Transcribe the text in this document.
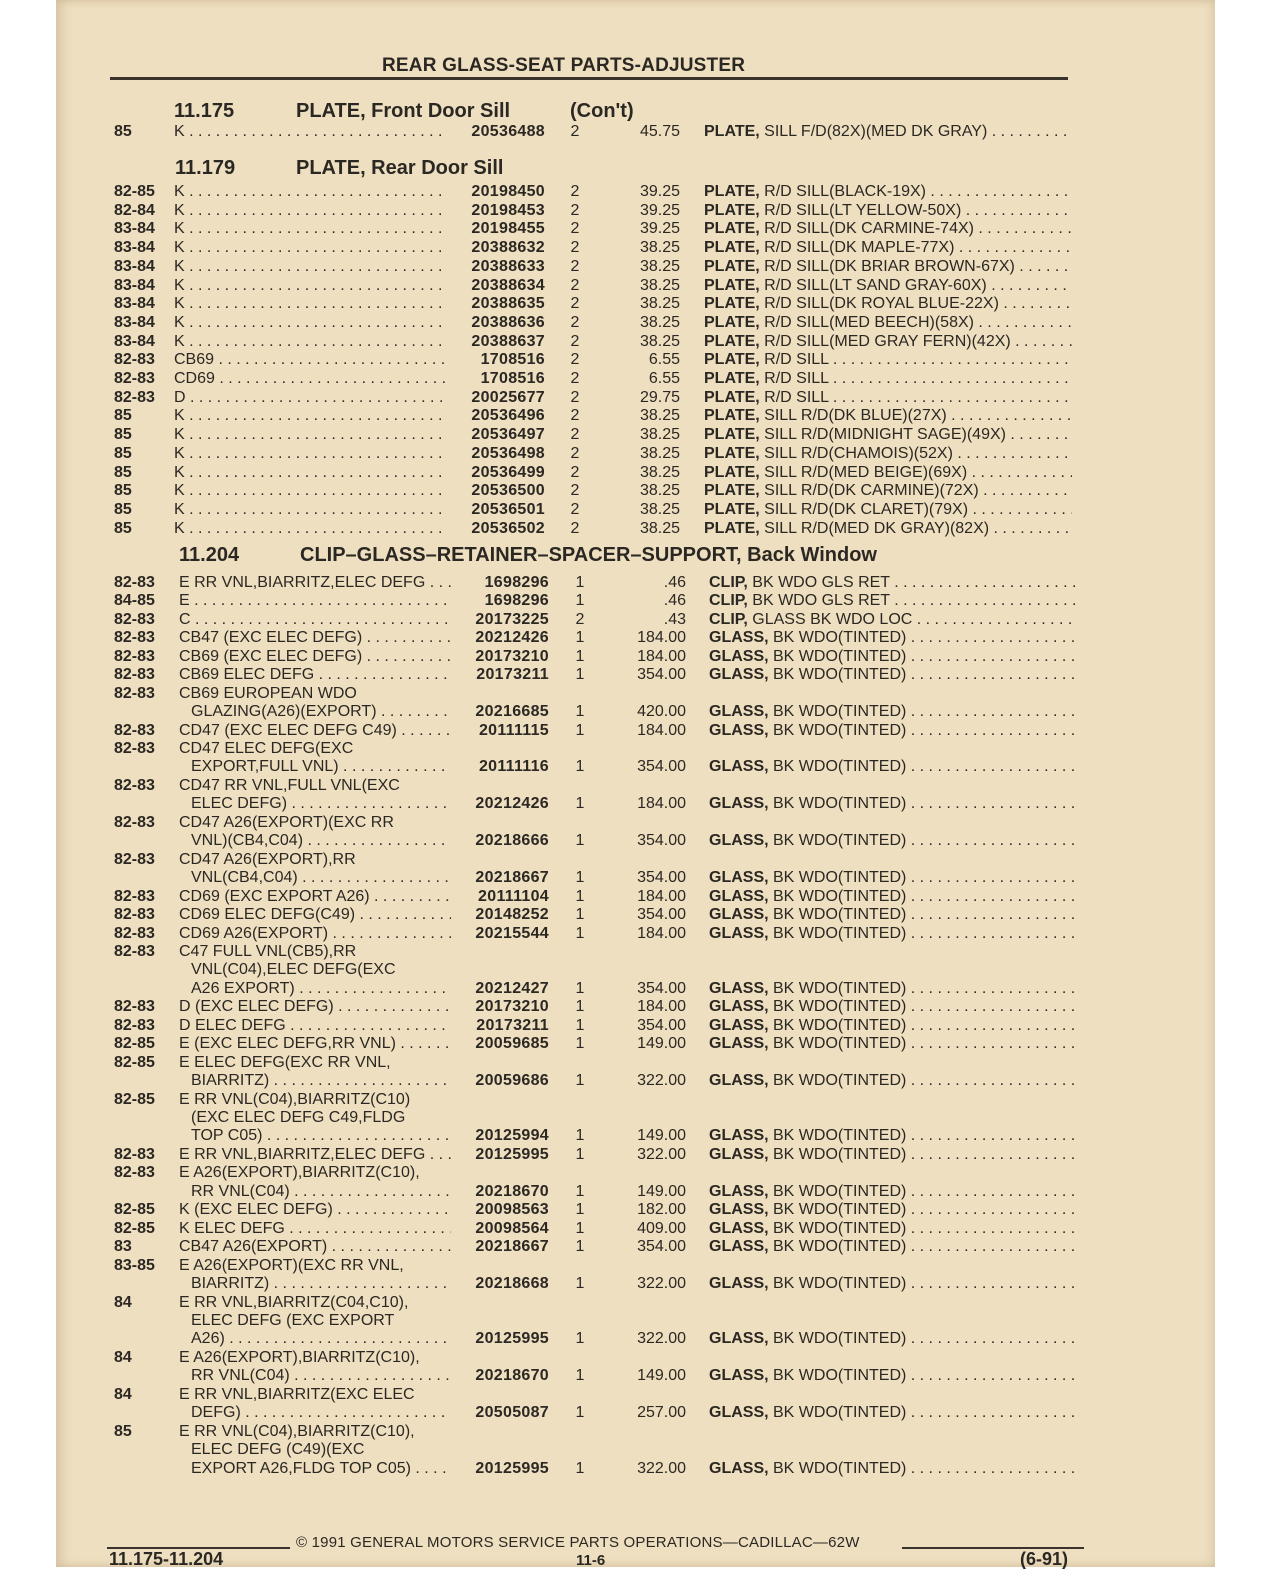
REAR GLASS-SEAT PARTS-ADJUSTER
11.175	PLATE, Front Door Sill	(Con't)
85	K . . .	20536488	2	45.75 PLATE, SILL F/D(82X)(MED DK GRAY) . . .
11.179	PLATE, Rear Door Sill
82-85 K . . .	20198450	2	39.25 PLATE, R/D SILL(BLACK-19X) . . .
82-84 K . . .	20198453	2	39.25 PLATE, R/D SILL(LT YELLOW-50X) . . .
83-84 K . . .	20198455	2	39.25 PLATE, R/D SILL(DK CARMINE-74X) . . .
83-84 K . . .	20388632	2	38.25 PLATE, R/D SILL(DK MAPLE-77X) . . .
83-84 K . . .	20388633	2	38.25 PLATE, R/D SILL(DK BRIAR BROWN-67X) . . .
83-84 K . . .	20388634	2	38.25 PLATE, R/D SILL(LT SAND GRAY-60X) . . .
83-84 K . . .	20388635	2	38.25 PLATE, R/D SILL(DK ROYAL BLUE-22X) . . .
83-84 K . . .	20388636	2	38.25 PLATE, R/D SILL(MED BEECH)(58X) . . .
83-84 K . . .	20388637	2	38.25 PLATE, R/D SILL(MED GRAY FERN)(42X) . . .
82-83 CB69 . . .	1708516	2	6.55 PLATE, R/D SILL . . .
82-83 CD69 . . .	1708516	2	6.55 PLATE, R/D SILL . . .
82-83 D . . .	20025677	2	29.75 PLATE, R/D SILL . . .
85	K . . .	20536496	2	38.25 PLATE, SILL R/D(DK BLUE)(27X) . . .
85	K . . .	20536497	2	38.25 PLATE, SILL R/D(MIDNIGHT SAGE)(49X) . . .
85	K . . .	20536498	2	38.25 PLATE, SILL R/D(CHAMOIS)(52X) . . .
85	K . . .	20536499	2	38.25 PLATE, SILL R/D(MED BEIGE)(69X) . . .
85	K . . .	20536500	2	38.25 PLATE, SILL R/D(DK CARMINE)(72X) . . .
85	K . . .	20536501	2	38.25 PLATE, SILL R/D(DK CLARET)(79X) . . .
85	K . . .	20536502	2	38.25 PLATE, SILL R/D(MED DK GRAY)(82X) . . .
11.204	CLIP–GLASS–RETAINER–SPACER–SUPPORT, Back Window
82-83 E RR VNL,BIARRITZ,ELEC DEFG . . .	1698296	1	.46 CLIP, BK WDO GLS RET . . .
84-85 E . . .	1698296	1	.46 CLIP, BK WDO GLS RET . . .
82-83 C . . .	20173225	2	.43 CLIP, GLASS BK WDO LOC . . .
82-83 CB47 (EXC ELEC DEFG) . . .	20212426	1	184.00 GLASS, BK WDO(TINTED) . . .
82-83 CB69 (EXC ELEC DEFG) . . .	20173210	1	184.00 GLASS, BK WDO(TINTED) . . .
82-83 CB69 ELEC DEFG . . .	20173211	1	354.00 GLASS, BK WDO(TINTED) . . .
82-83 CB69 EUROPEAN WDO
GLAZING(A26)(EXPORT) . . .	20216685	1	420.00 GLASS, BK WDO(TINTED) . . .
82-83 CD47 (EXC ELEC DEFG C49) . . .	20111115	1	184.00 GLASS, BK WDO(TINTED) . . .
82-83 CD47 ELEC DEFG(EXC
EXPORT,FULL VNL) . . .	20111116	1	354.00 GLASS, BK WDO(TINTED) . . .
82-83 CD47 RR VNL,FULL VNL(EXC
ELEC DEFG) . . .	20212426	1	184.00 GLASS, BK WDO(TINTED) . . .
82-83 CD47 A26(EXPORT)(EXC RR
VNL)(CB4,C04) . . .	20218666	1	354.00 GLASS, BK WDO(TINTED) . . .
82-83 CD47 A26(EXPORT),RR
VNL(CB4,C04) . . .	20218667	1	354.00 GLASS, BK WDO(TINTED) . . .
82-83 CD69 (EXC EXPORT A26) . . .	20111104	1	184.00 GLASS, BK WDO(TINTED) . . .
82-83 CD69 ELEC DEFG(C49) . . .	20148252	1	354.00 GLASS, BK WDO(TINTED) . . .
82-83 CD69 A26(EXPORT) . . .	20215544	1	184.00 GLASS, BK WDO(TINTED) . . .
82-83 C47 FULL VNL(CB5),RR
VNL(C04),ELEC DEFG(EXC
A26 EXPORT) . . .	20212427	1	354.00 GLASS, BK WDO(TINTED) . . .
82-83 D (EXC ELEC DEFG) . . .	20173210	1	184.00 GLASS, BK WDO(TINTED) . . .
82-83 D ELEC DEFG . . .	20173211	1	354.00 GLASS, BK WDO(TINTED) . . .
82-85 E (EXC ELEC DEFG,RR VNL) . . .	20059685	1	149.00 GLASS, BK WDO(TINTED) . . .
82-85 E ELEC DEFG(EXC RR VNL,
BIARRITZ) . . .	20059686	1	322.00 GLASS, BK WDO(TINTED) . . .
82-85 E RR VNL(C04),BIARRITZ(C10)
(EXC ELEC DEFG C49,FLDG
TOP C05) . . .	20125994	1	149.00 GLASS, BK WDO(TINTED) . . .
82-83 E RR VNL,BIARRITZ,ELEC DEFG . . .	20125995	1	322.00 GLASS, BK WDO(TINTED) . . .
82-83 E A26(EXPORT),BIARRITZ(C10),
RR VNL(C04) . . .	20218670	1	149.00 GLASS, BK WDO(TINTED) . . .
82-85 K (EXC ELEC DEFG) . . .	20098563	1	182.00 GLASS, BK WDO(TINTED) . . .
82-85 K ELEC DEFG . . .	20098564	1	409.00 GLASS, BK WDO(TINTED) . . .
83	CB47 A26(EXPORT) . . .	20218667	1	354.00 GLASS, BK WDO(TINTED) . . .
83-85 E A26(EXPORT)(EXC RR VNL,
BIARRITZ) . . .	20218668	1	322.00 GLASS, BK WDO(TINTED) . . .
84	E RR VNL,BIARRITZ(C04,C10),
ELEC DEFG (EXC EXPORT
A26) . . .	20125995	1	322.00 GLASS, BK WDO(TINTED) . . .
84	E A26(EXPORT),BIARRITZ(C10),
RR VNL(C04) . . .	20218670	1	149.00 GLASS, BK WDO(TINTED) . . .
84	E RR VNL,BIARRITZ(EXC ELEC
DEFG) . . .	20505087	1	257.00 GLASS, BK WDO(TINTED) . . .
85	E RR VNL(C04),BIARRITZ(C10),
ELEC DEFG (C49)(EXC
EXPORT A26,FLDG TOP C05) . . .	20125995	1	322.00 GLASS, BK WDO(TINTED) . . .
© 1991 GENERAL MOTORS SERVICE PARTS OPERATIONS—CADILLAC—62W
11.175-11.204	11-6	(6-91)
